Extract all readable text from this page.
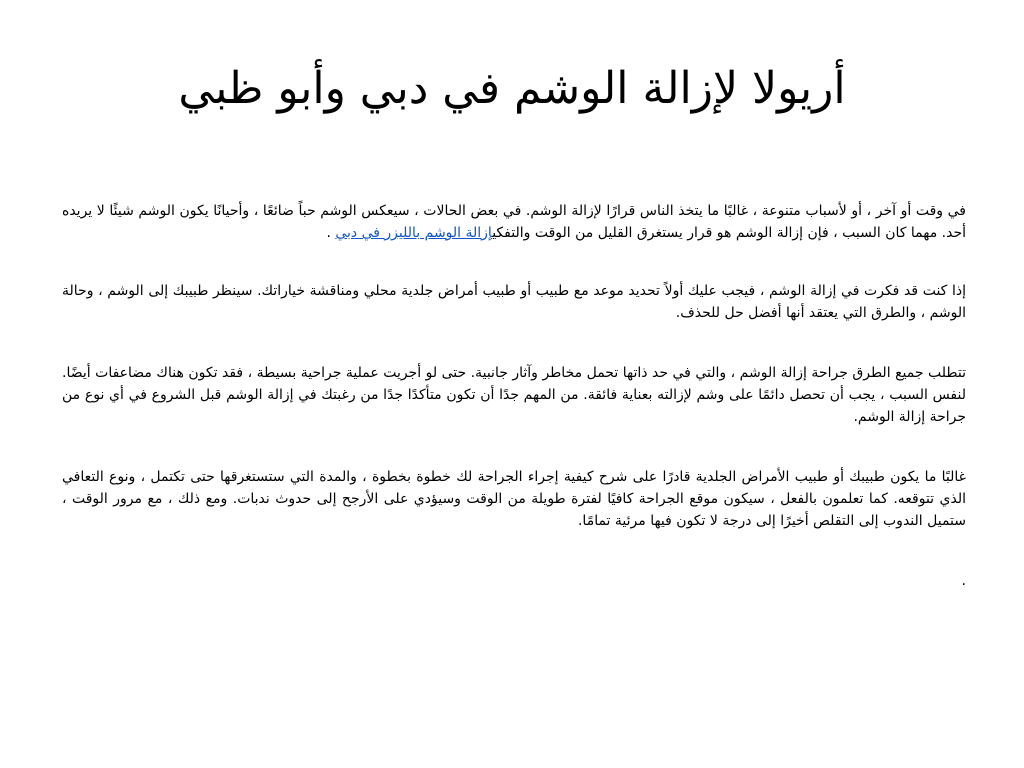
أريولا لإزالة الوشم في دبي وأبو ظبي

في وقت أو آخر ، أو لأسباب متنوعة ، غالبًا ما يتخذ الناس قرارًا لإزالة الوشم. في بعض الحالات ، سيعكس الوشم حباً ضائعًا ، وأحيانًا يكون الوشم شيئًا لا يريده أحد. مهما كان السبب ، فإن إزالة الوشم هو قرار يستغرق القليل من الوقت والتفكيإزالة الوشم بالليزر في دبي .

إذا كنت قد فكرت في إزالة الوشم ، فيجب عليك أولاً تحديد موعد مع طبيب أو طبيب أمراض جلدية محلي ومناقشة خياراتك. سينظر طبيبك إلى الوشم ، وحالة الوشم ، والطرق التي يعتقد أنها أفضل حل للحذف.

تتطلب جميع الطرق جراحة إزالة الوشم ، والتي في حد ذاتها تحمل مخاطر وآثار جانبية. حتى لو أجريت عملية جراحية بسيطة ، فقد تكون هناك مضاعفات أيضًا. لنفس السبب ، يجب أن تحصل دائمًا على وشم لإزالته بعناية فائقة. من المهم جدًا أن تكون متأكدًا جدًا من رغبتك في إزالة الوشم قبل الشروع في أي نوع من جراحة إزالة الوشم.

غالبًا ما يكون طبيبك أو طبيب الأمراض الجلدية قادرًا على شرح كيفية إجراء الجراحة لك خطوة بخطوة ، والمدة التي ستستغرقها حتى تكتمل ، ونوع التعافي الذي تتوقعه. كما تعلمون بالفعل ، سيكون موقع الجراحة كافيًا لفترة طويلة من الوقت وسيؤدي على الأرجح إلى حدوث ندبات. ومع ذلك ، مع مرور الوقت ، ستميل الندوب إلى التقلص أخيرًا إلى درجة لا تكون فيها مرئية تمامًا.

.
